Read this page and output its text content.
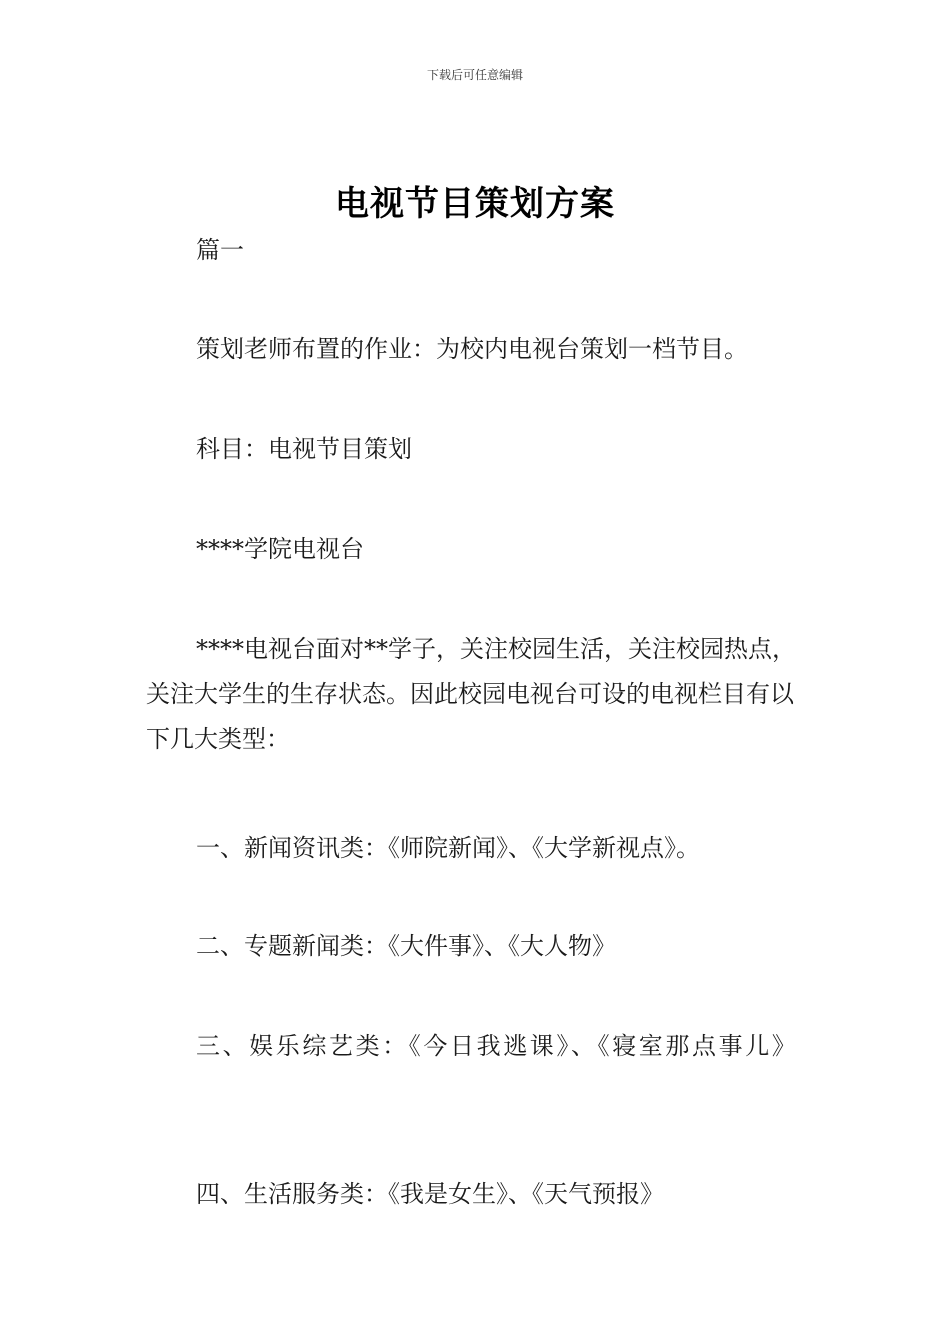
下载后可任意编辑
电视节目策划方案

篇一

策划老师布置的作业：为校内电视台策划一档节目。

科目：电视节目策划

****学院电视台

****电视台面对**学子，关注校园生活，关注校园热点，关注大学生的生存状态。因此校园电视台可设的电视栏目有以下几大类型：

一、新闻资讯类：《师院新闻》、《大学新视点》。

二、专题新闻类：《大件事》、《大人物》

三、娱乐综艺类：《今日我逃课》、《寝室那点事儿》

四、生活服务类：《我是女生》、《天气预报》
